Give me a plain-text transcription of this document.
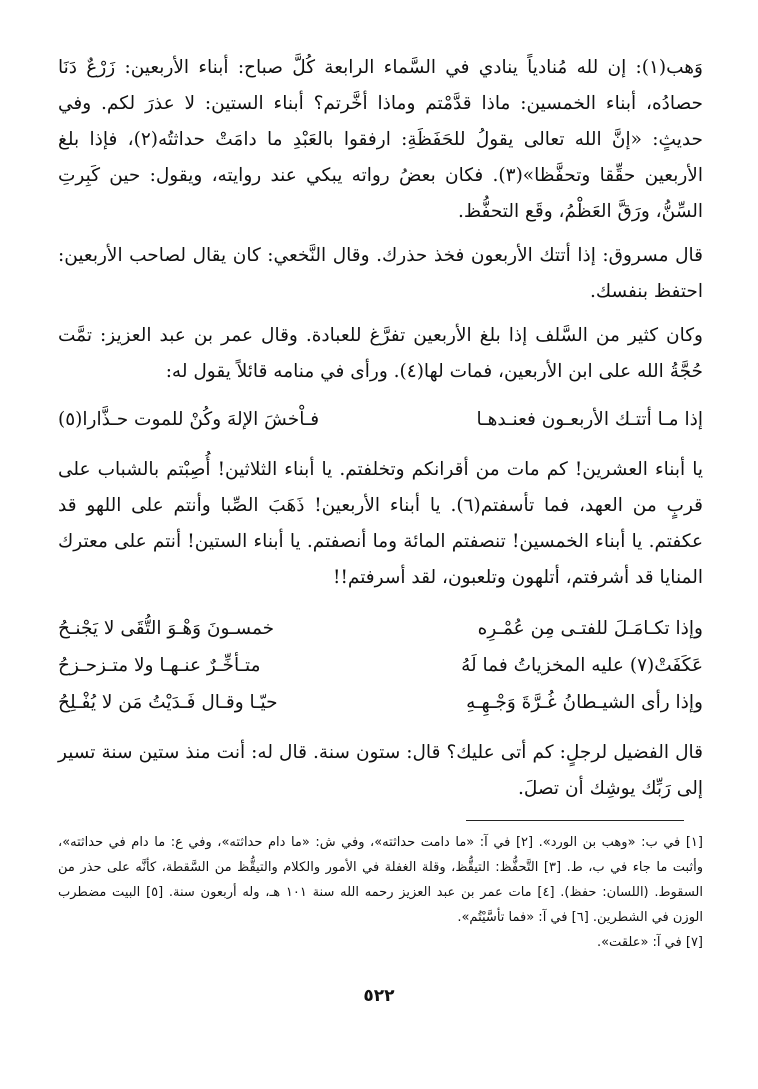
وَهب(١): إن لله مُنادياً ينادي في السَّماء الرابعة كُلَّ صباح: أبناء الأربعين: زَرْعٌ دَنَا حصادُه، أبناء الخمسين: ماذا قدَّمْتم وماذا أخَّرتم؟ أبناء الستين: لا عذرَ لكم. وفي حديثٍ: «إنَّ الله تعالى يقولُ للحَفَظَةِ: ارفقوا بالعَبْدِ ما دامَتْ حداثتُه(٢)، فإذا بلغ الأربعين حقِّقا وتحفَّظا»(٣). فكان بعضُ رواته يبكي عند روايته، ويقول: حين كَبِرتِ السِّنُّ، ورَقَّ العَظْمُ، وقَع التحفُّظ.

قال مسروق: إذا أتتك الأربعون فخذ حذرك. وقال النَّخعي: كان يقال لصاحب الأربعين: احتفظ بنفسك.

وكان كثير من السَّلف إذا بلغ الأربعين تفرَّغ للعبادة. وقال عمر بن عبد العزيز: تمَّت حُجَّةُ الله على ابن الأربعين، فمات لها(٤). ورأى في منامه قائلاً يقول له:

إذا مـا أتتـك الأربعـون فعنـدهـا
فـاْخشَ الإلهَ وكُنْ للموت حـذَّارا(٥)

يا أبناء العشرين! كم مات من أقرانكم وتخلفتم. يا أبناء الثلاثين! أُصِبْتم بالشباب على قربٍ من العهد، فما تأسفتم(٦). يا أبناء الأربعين! ذَهَبَ الصِّبا وأنتم على اللهو قد عكفتم. يا أبناء الخمسين! تنصفتم المائة وما أنصفتم. يا أبناء الستين! أنتم على معترك المنايا قد أشرفتم، أتلهون وتلعبون، لقد أسرفتم!!

وإذا تكـامَـلَ للفتـى مِن عُمْـرِه
خمسـونَ وَهْـوَ التُّقَى لا يَجْنـحُ
عَكَفَتْ(٧) عليه المخزياتُ فما لَهُ
متـأخِّـرٌ عنـهـا ولا متـزحـزحُ
وإذا رأى الشيـطانُ غُـرَّةَ وَجْـهِـهِ
حيّـا وقـال فَـدَيْتُ مَن لا يُفْـلِحُ

قال الفضيل لرجلٍ: كم أتى عليك؟ قال: ستون سنة. قال له: أنت منذ ستين سنة تسير إلى رَبِّك يوشِك أن تصلَ.

[١] في ب: «وهب بن الورد». [٢] في آ: «ما دامت حداثته»، وفي ش: «ما دام حداثته»، وفي ع: ما دام في حداثته»، وأثبت ما جاء في ب، ط. [٣] التَّحفُّظ: التيقُّظ، وقلة الغفلة في الأمور والكلام والتيقُّظ من السَّقطة، كأنَّه على حذر من السقوط. (اللسان: حفظ). [٤] مات عمر بن عبد العزيز رحمه الله سنة ١٠١ هـ، وله أربعون سنة. [٥] البيت مضطرب الوزن في الشطرين. [٦] في آ: «فما تأسَّيْتُم».
[٧] في آ: «علقت».
٥٢٢
